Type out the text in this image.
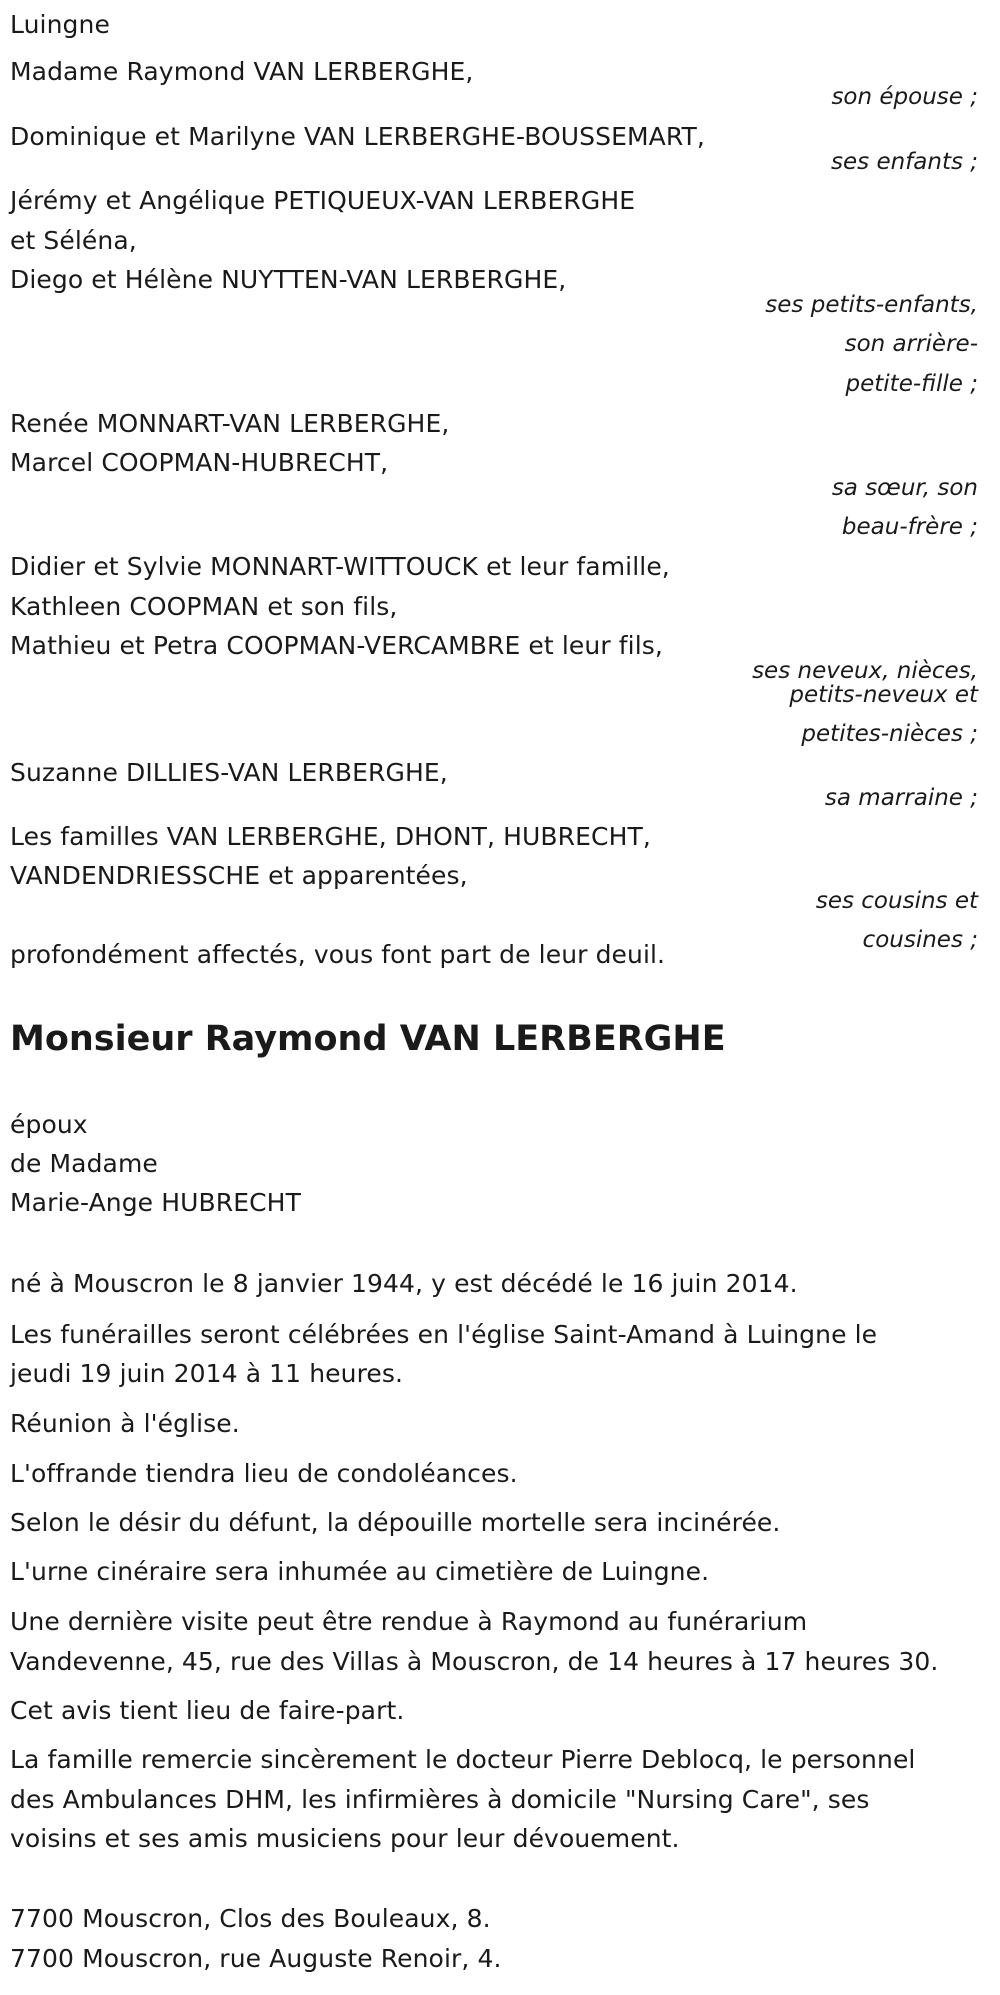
Luingne
Madame Raymond VAN LERBERGHE,
son épouse ;
Dominique et Marilyne VAN LERBERGHE-BOUSSEMART,
ses enfants ;
Jérémy et Angélique PETIQUEUX-VAN LERBERGHE
et Séléna,
Diego et Hélène NUYTTEN-VAN LERBERGHE,
ses petits-enfants,
son arrière-
petite-fille ;
Renée MONNART-VAN LERBERGHE,
Marcel COOPMAN-HUBRECHT,
sa sœur, son
beau-frère ;
Didier et Sylvie MONNART-WITTOUCK et leur famille,
Kathleen COOPMAN et son fils,
Mathieu et Petra COOPMAN-VERCAMBRE et leur fils,
ses neveux, nièces,
petits-neveux et
petites-nièces ;
Suzanne DILLIES-VAN LERBERGHE,
sa marraine ;
Les familles VAN LERBERGHE, DHONT, HUBRECHT,
VANDENDRIESSCHE et apparentées,
ses cousins et
cousines ;
profondément affectés, vous font part de leur deuil.
Monsieur Raymond VAN LERBERGHE
époux
de Madame
Marie-Ange HUBRECHT
né à Mouscron le 8 janvier 1944, y est décédé le 16 juin 2014.
Les funérailles seront célébrées en l'église Saint-Amand à Luingne le
jeudi 19 juin 2014 à 11 heures.
Réunion à l'église.
L'offrande tiendra lieu de condoléances.
Selon le désir du défunt, la dépouille mortelle sera incinérée.
L'urne cinéraire sera inhumée au cimetière de Luingne.
Une dernière visite peut être rendue à Raymond au funérarium
Vandevenne, 45, rue des Villas à Mouscron, de 14 heures à 17 heures 30.
Cet avis tient lieu de faire-part.
La famille remercie sincèrement le docteur Pierre Deblocq, le personnel
des Ambulances DHM, les infirmières à domicile "Nursing Care", ses
voisins et ses amis musiciens pour leur dévouement.
7700 Mouscron, Clos des Bouleaux, 8.
7700 Mouscron, rue Auguste Renoir, 4.
